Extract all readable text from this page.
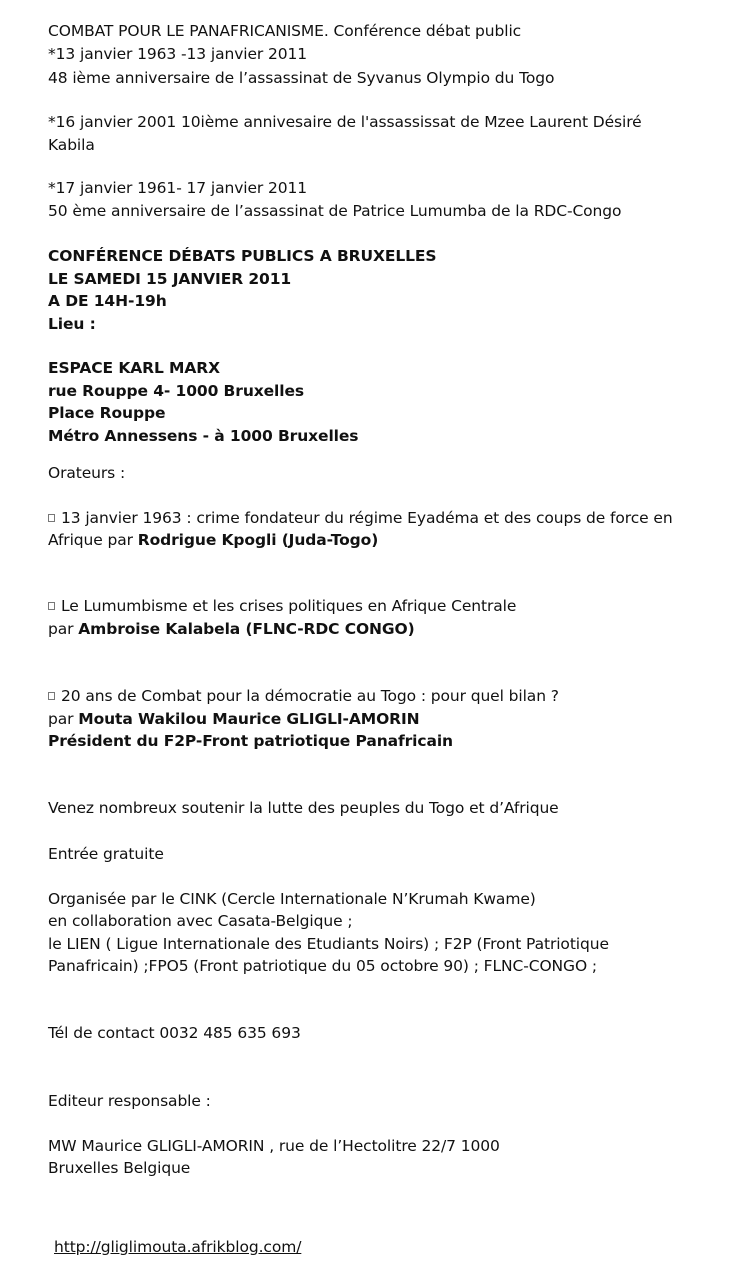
COMBAT POUR LE PANAFRICANISME. Conférence débat public
*13 janvier 1963 -13 janvier 2011
48 ième anniversaire de l’assassinat de Syvanus Olympio du Togo
*16 janvier 2001 10ième annivesaire de l'assassissat de Mzee Laurent Désiré
Kabila
*17 janvier 1961- 17 janvier 2011
50 ème anniversaire de l’assassinat de Patrice Lumumba de la RDC-Congo
CONFÉRENCE DÉBATS PUBLICS A BRUXELLES
LE SAMEDI 15 JANVIER 2011
A DE 14H-19h
Lieu :
ESPACE KARL MARX
rue Rouppe 4- 1000 Bruxelles
Place Rouppe
Métro Annessens - à 1000 Bruxelles
Orateurs :
13 janvier 1963 : crime fondateur du régime Eyadéma et des coups de force en
Afrique par Rodrigue Kpogli (Juda-Togo)
Le Lumumbisme et les crises politiques en Afrique Centrale
par Ambroise Kalabela (FLNC-RDC CONGO)
20 ans de Combat pour la démocratie au Togo : pour quel bilan ?
par Mouta Wakilou Maurice GLIGLI-AMORIN
Président du F2P-Front patriotique Panafricain
Venez nombreux soutenir la lutte des peuples du Togo et d’Afrique
Entrée gratuite
Organisée par le CINK (Cercle Internationale N’Krumah Kwame)
en collaboration avec Casata-Belgique ;
le LIEN ( Ligue Internationale des Etudiants Noirs) ; F2P (Front Patriotique
Panafricain) ;FPO5 (Front patriotique du 05 octobre 90) ; FLNC-CONGO ;
Tél de contact 0032 485 635 693
Editeur responsable :
MW Maurice GLIGLI-AMORIN , rue de l’Hectolitre 22/7 1000
Bruxelles Belgique
http://gliglimouta.afrikblog.com/
